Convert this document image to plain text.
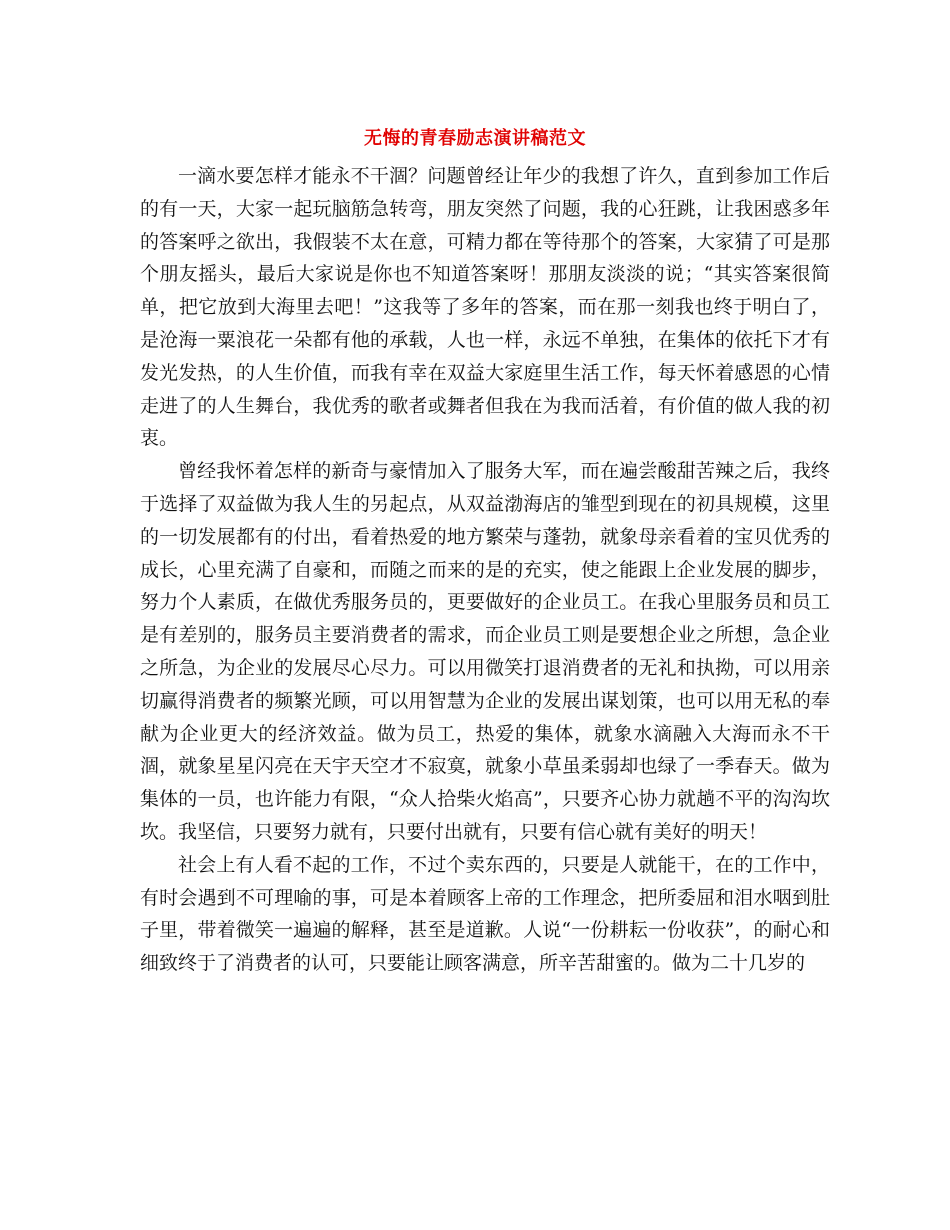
无悔的青春励志演讲稿范文

一滴水要怎样才能永不干涸？问题曾经让年少的我想了许久，直到参加工作后的有一天，大家一起玩脑筋急转弯，朋友突然了问题，我的心狂跳，让我困惑多年的答案呼之欲出，我假装不太在意，可精力都在等待那个的答案，大家猜了可是那个朋友摇头，最后大家说是你也不知道答案呀！那朋友淡淡的说；“其实答案很简单，把它放到大海里去吧！”这我等了多年的答案，而在那一刻我也终于明白了，是沧海一粟浪花一朵都有他的承载，人也一样，永远不单独，在集体的依托下才有发光发热，的人生价值，而我有幸在双益大家庭里生活工作，每天怀着感恩的心情走进了的人生舞台，我优秀的歌者或舞者但我在为我而活着，有价值的做人我的初衷。

曾经我怀着怎样的新奇与豪情加入了服务大军，而在遍尝酸甜苦辣之后，我终于选择了双益做为我人生的另起点，从双益渤海店的雏型到现在的初具规模，这里的一切发展都有的付出，看着热爱的地方繁荣与蓬勃，就象母亲看着的宝贝优秀的成长，心里充满了自豪和，而随之而来的是的充实，使之能跟上企业发展的脚步，努力个人素质，在做优秀服务员的，更要做好的企业员工。在我心里服务员和员工是有差别的，服务员主要消费者的需求，而企业员工则是要想企业之所想，急企业之所急，为企业的发展尽心尽力。可以用微笑打退消费者的无礼和执拗，可以用亲切赢得消费者的频繁光顾，可以用智慧为企业的发展出谋划策，也可以用无私的奉献为企业更大的经济效益。做为员工，热爱的集体，就象水滴融入大海而永不干涸，就象星星闪亮在天宇天空才不寂寞，就象小草虽柔弱却也绿了一季春天。做为集体的一员，也许能力有限，“众人拾柴火焰高”，只要齐心协力就趟不平的沟沟坎坎。我坚信，只要努力就有，只要付出就有，只要有信心就有美好的明天！

社会上有人看不起的工作，不过个卖东西的，只要是人就能干，在的工作中，有时会遇到不可理喻的事，可是本着顾客上帝的工作理念，把所委屈和泪水咽到肚子里，带着微笑一遍遍的解释，甚至是道歉。人说“一份耕耘一份收获”，的耐心和细致终于了消费者的认可，只要能让顾客满意，所辛苦甜蜜的。做为二十几岁的
